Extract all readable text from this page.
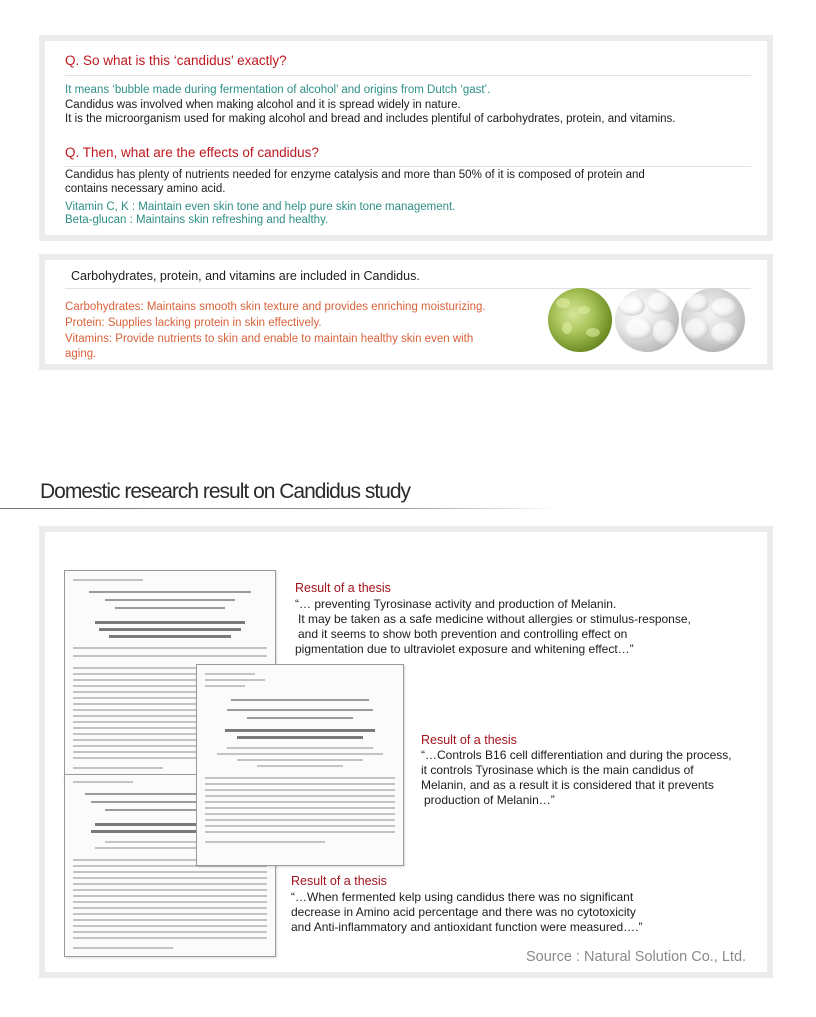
Q. So what is this ‘candidus’ exactly?
It means ‘bubble made during fermentation of alcohol’ and origins from Dutch ‘gast’.
Candidus was involved when making alcohol and it is spread widely in nature.
It is the microorganism used for making alcohol and bread and includes plentiful of carbohydrates, protein, and vitamins.
Q. Then, what are the effects of candidus?
Candidus has plenty of nutrients needed for enzyme catalysis and more than 50% of it is composed of protein and
contains necessary amino acid.
Vitamin C, K : Maintain even skin tone and help pure skin tone management.
Beta-glucan : Maintains skin refreshing and healthy.
Carbohydrates, protein, and vitamins are included in Candidus.
Carbohydrates: Maintains smooth skin texture and provides enriching moisturizing.
Protein: Supplies lacking protein in skin effectively.
Vitamins: Provide nutrients to skin and enable to maintain healthy skin even with
aging.
Domestic research result on Candidus study
Result of a thesis
“… preventing Tyrosinase activity and production of Melanin.
It may be taken as a safe medicine without allergies or stimulus-response,
and it seems to show both prevention and controlling effect on
pigmentation due to ultraviolet exposure and whitening effect…”
Result of a thesis
“…Controls B16 cell differentiation and during the process,
it controls Tyrosinase which is the main candidus of
Melanin, and as a result it is considered that it prevents
production of Melanin…”
Result of a thesis
“…When fermented kelp using candidus there was no significant
decrease in Amino acid percentage and there was no cytotoxicity
and Anti-inflammatory and antioxidant function were measured….”
Source : Natural Solution Co., Ltd.
